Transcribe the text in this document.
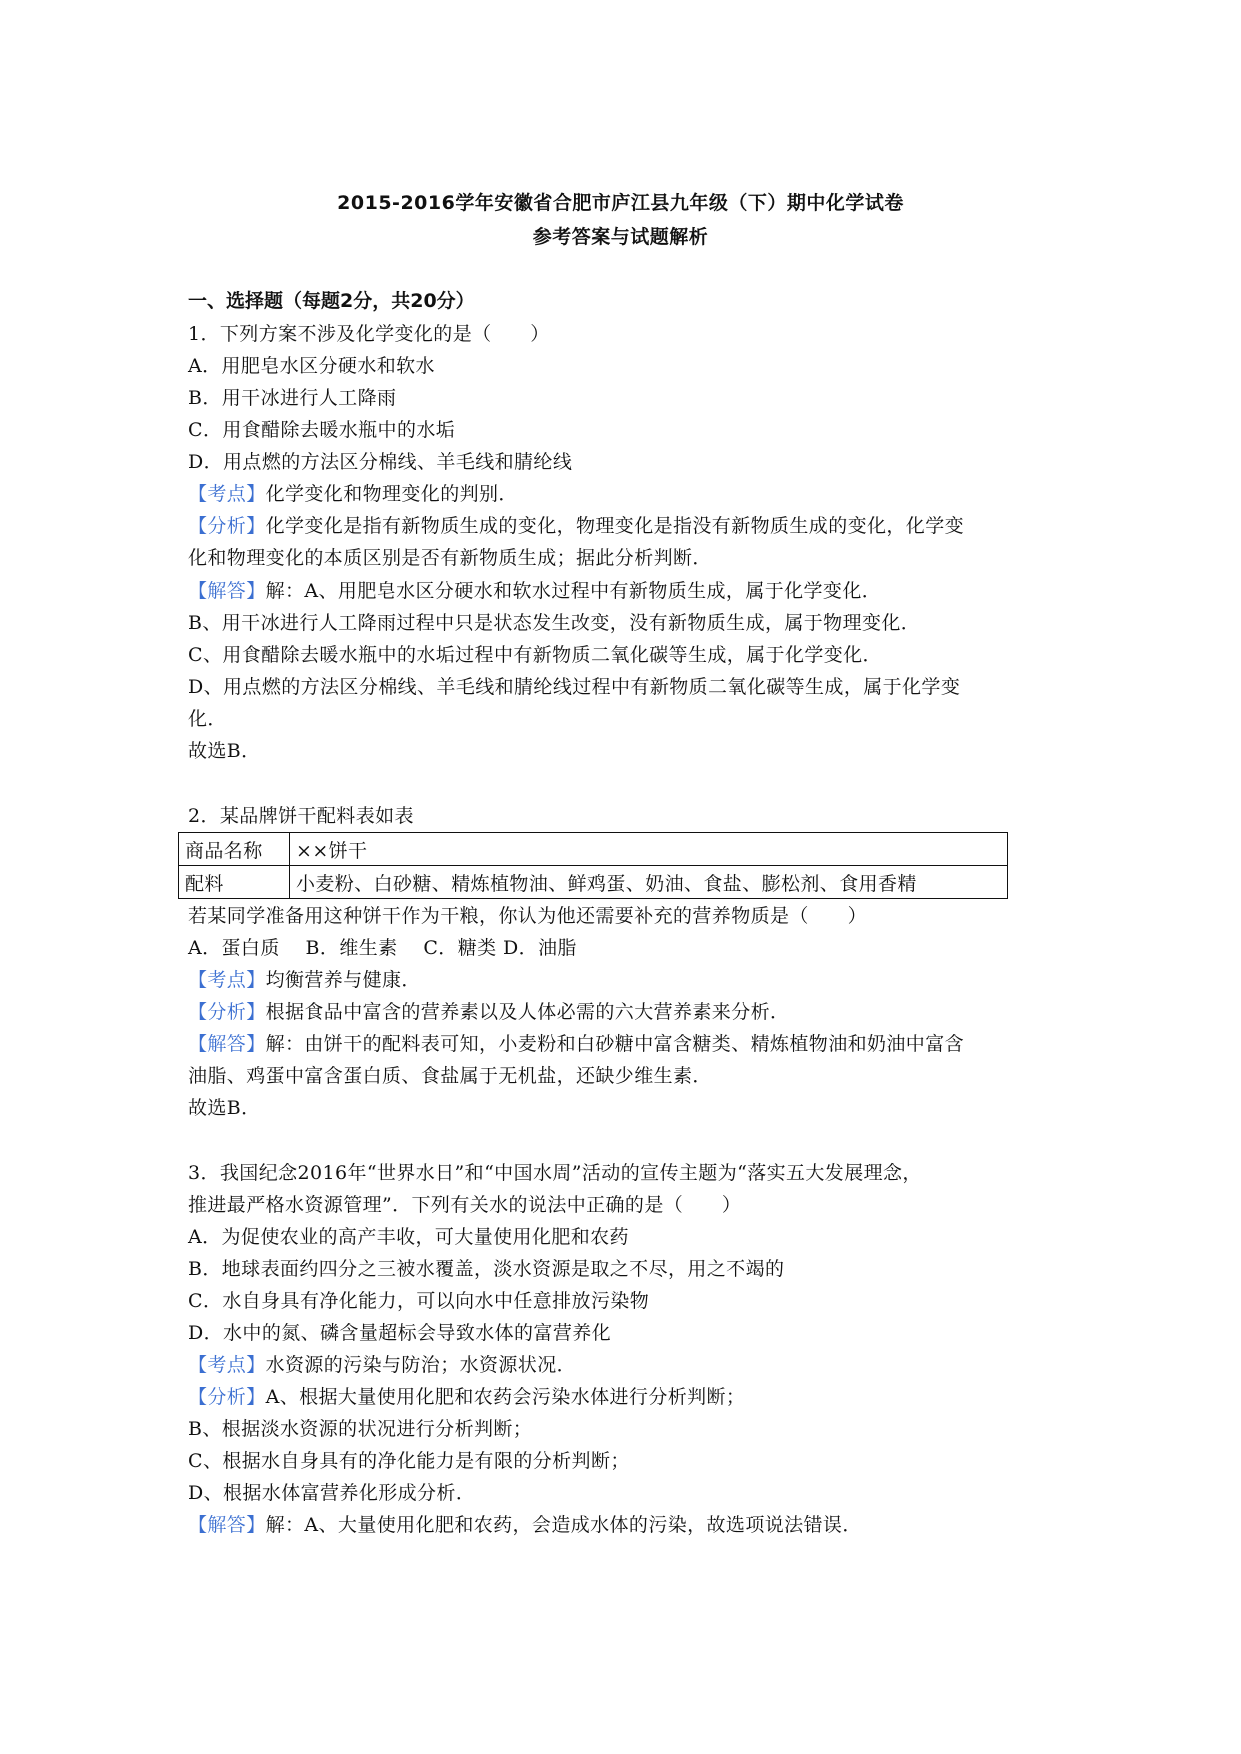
2015-2016学年安徽省合肥市庐江县九年级（下）期中化学试卷
参考答案与试题解析
一、选择题（每题2分，共20分）
1．下列方案不涉及化学变化的是（　　）
A．用肥皂水区分硬水和软水
B．用干冰进行人工降雨
C．用食醋除去暖水瓶中的水垢
D．用点燃的方法区分棉线、羊毛线和腈纶线
【考点】化学变化和物理变化的判别．
【分析】化学变化是指有新物质生成的变化，物理变化是指没有新物质生成的变化，化学变
化和物理变化的本质区别是否有新物质生成；据此分析判断．
【解答】解：A、用肥皂水区分硬水和软水过程中有新物质生成，属于化学变化．
B、用干冰进行人工降雨过程中只是状态发生改变，没有新物质生成，属于物理变化．
C、用食醋除去暖水瓶中的水垢过程中有新物质二氧化碳等生成，属于化学变化．
D、用点燃的方法区分棉线、羊毛线和腈纶线过程中有新物质二氧化碳等生成，属于化学变
化．
故选B．
2．某品牌饼干配料表如表
商品名称	××饼干
配料	小麦粉、白砂糖、精炼植物油、鲜鸡蛋、奶油、食盐、膨松剂、食用香精
若某同学准备用这种饼干作为干粮，你认为他还需要补充的营养物质是（　　）
A．蛋白质　 B．维生素　 C．糖类 D．油脂
【考点】均衡营养与健康．
【分析】根据食品中富含的营养素以及人体必需的六大营养素来分析．
【解答】解：由饼干的配料表可知，小麦粉和白砂糖中富含糖类、精炼植物油和奶油中富含
油脂、鸡蛋中富含蛋白质、食盐属于无机盐，还缺少维生素．
故选B．
3．我国纪念2016年“世界水日”和“中国水周”活动的宣传主题为“落实五大发展理念，
推进最严格水资源管理”．下列有关水的说法中正确的是（　　）
A．为促使农业的高产丰收，可大量使用化肥和农药
B．地球表面约四分之三被水覆盖，淡水资源是取之不尽，用之不竭的
C．水自身具有净化能力，可以向水中任意排放污染物
D．水中的氮、磷含量超标会导致水体的富营养化
【考点】水资源的污染与防治；水资源状况．
【分析】A、根据大量使用化肥和农药会污染水体进行分析判断；
B、根据淡水资源的状况进行分析判断；
C、根据水自身具有的净化能力是有限的分析判断；
D、根据水体富营养化形成分析．
【解答】解：A、大量使用化肥和农药，会造成水体的污染，故选项说法错误．
